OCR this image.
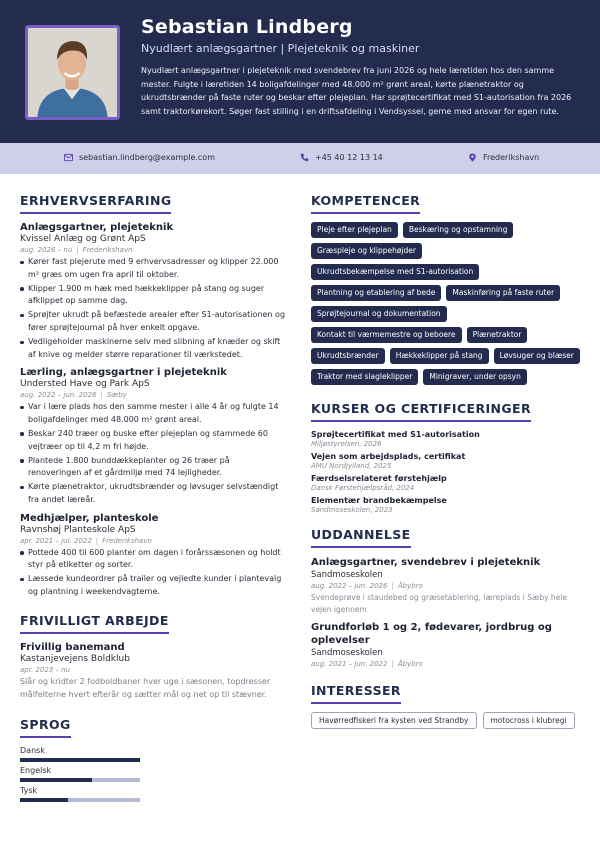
Sebastian Lindberg
Nyudlært anlægsgartner | Plejeteknik og maskiner
Nyudlært anlægsgartner i plejeteknik med svendebrev fra juni 2026 og hele læretiden hos den samme mester. Fulgte i læretiden 14 boligafdelinger med 48.000 m² grønt areal, kørte plænetraktor og ukrudtsbrænder på faste ruter og beskar efter plejeplan. Har sprøjtecertifikat med S1-autorisation fra 2026 samt traktorkørekort. Søger fast stilling i en driftsafdeling i Vendsyssel, gerne med ansvar for egen rute.
sebastian.lindberg@example.com	+45 40 12 13 14	Frederikshavn
ERHVERVSERFARING
Anlægsgartner, plejeteknik
Kvissel Anlæg og Grønt ApS
aug. 2026 – nu | Frederikshavn
Kører fast plejerute med 9 erhvervsadresser og klipper 22.000 m² græs om ugen fra april til oktober.
Klipper 1.900 m hæk med hækkeklipper på stang og suger afklippet op samme dag.
Sprøjter ukrudt på befæstede arealer efter S1-autorisationen og fører sprøjtejournal på hver enkelt opgave.
Vedligeholder maskinerne selv med slibning af knæder og skift af knive og melder større reparationer til værkstedet.
Lærling, anlægsgartner i plejeteknik
Understed Have og Park ApS
aug. 2022 – jun. 2026 | Sæby
Var i lære plads hos den samme mester i alle 4 år og fulgte 14 boligafdelinger med 48.000 m² grønt areal.
Beskar 240 træer og buske efter plejeplan og stammede 60 vejtræer op til 4,2 m fri højde.
Plantede 1.800 bunddækkeplanter og 26 træer på renoveringen af et gårdmiljø med 74 lejligheder.
Kørte plænetraktor, ukrudtsbrænder og løvsuger selvstændigt fra andet læreår.
Medhjælper, planteskole
Ravnshøj Planteskole ApS
apr. 2021 – jul. 2022 | Frederikshavn
Pottede 400 til 600 planter om dagen i forårssæsonen og holdt styr på etiketter og sorter.
Læssede kundeordrer på trailer og vejledte kunder i plantevalg og plantning i weekendvagterne.
FRIVILLIGT ARBEJDE
Frivillig banemand
Kastanjevejens Boldklub
apr. 2023 – nu
Slår og kridter 2 fodboldbaner hver uge i sæsonen, topdresser målfelterne hvert efterår og sætter mål og net op til stævner.
SPROG
Dansk
Engelsk
Tysk
KOMPETENCER
Pleje efter plejeplan	Beskæring og opstamning
Græspleje og klippehøjder
Ukrudtsbekæmpelse med S1-autorisation
Plantning og etablering af bede	Maskinføring på faste ruter
Sprøjtejournal og dokumentation
Kontakt til værmemestre og beboere	Plænetraktor
Ukrudtsbrænder	Hækkeklipper på stang	Løvsuger og blæser
Traktor med slagleklipper	Minigraver, under opsyn
KURSER OG CERTIFICERINGER
Sprøjtecertifikat med S1-autorisation
Miljøstyrelsen, 2026
Vejen som arbejdsplads, certifikat
AMU Nordjylland, 2025
Færdselsrelateret førstehjælp
Dansk Førstehjælpsråd, 2024
Elementær brandbekæmpelse
Sandmoseskolen, 2023
UDDANNELSE
Anlægsgartner, svendebrev i plejeteknik
Sandmoseskolen
aug. 2022 – jun. 2026 | Åbybro
Svendeprøve i staudebed og græsetablering, læreplads i Sæby hele vejen igennem
Grundforløb 1 og 2, fødevarer, jordbrug og oplevelser
Sandmoseskolen
aug. 2021 – jun. 2022 | Åbybro
INTERESSER
Havørredfiskeri fra kysten ved Strandby	motocross i klubregi
